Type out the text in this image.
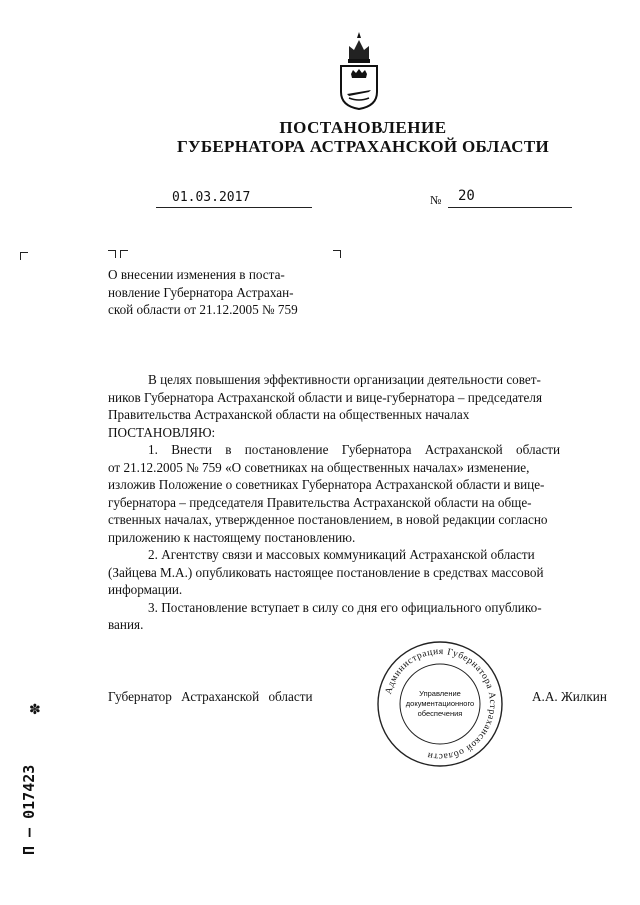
ПОСТАНОВЛЕНИЕ
ГУБЕРНАТОРА АСТРАХАНСКОЙ ОБЛАСТИ
01.03.2017	№ 20
О внесении изменения в поста-
новление Губернатора Астрахан-
ской области от 21.12.2005 № 759

В целях повышения эффективности организации деятельности совет-

ников Губернатора Астраханской области и вице-губернатора – председателя

Правительства Астраханской области на общественных началах

ПОСТАНОВЛЯЮ:

1. Внести в постановление Губернатора Астраханской области

от 21.12.2005 № 759 «О советниках на общественных началах» изменение,

изложив Положение о советниках Губернатора Астраханской области и вице-

губернатора – председателя Правительства Астраханской области на обще-

ственных началах, утвержденное постановлением, в новой редакции согласно

приложению к настоящему постановлению.

2. Агентству связи и массовых коммуникаций Астраханской области

(Зайцева М.А.) опубликовать настоящее постановление в средствах массовой

информации.

3. Постановление вступает в силу со дня его официального опублико-

вания.

Губернатор Астраханской области	А.А. Жилкин
Администрация Губернатора Астраханской области
Управление
документационного
обеспечения
✽
П – 017423
